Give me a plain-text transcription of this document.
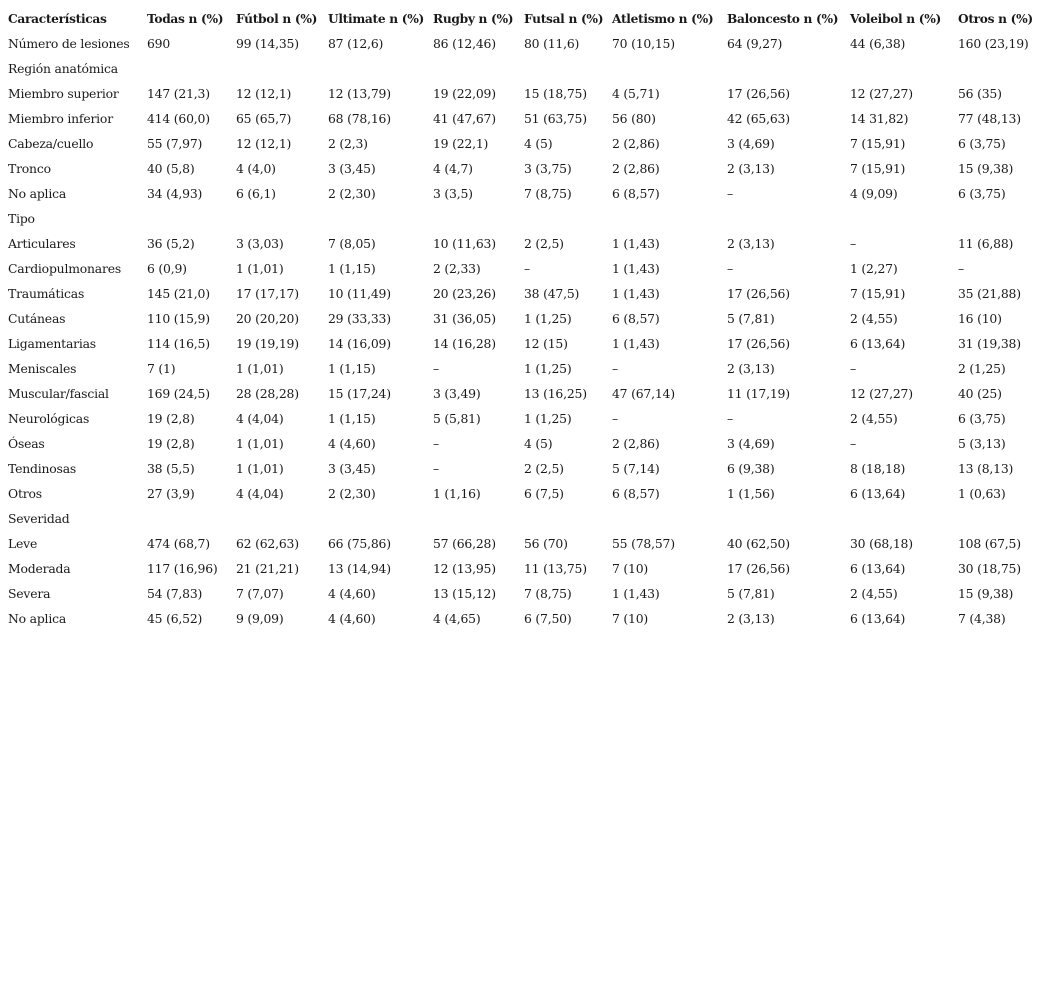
Características	Todas n (%)	Fútbol n (%)	Ultimate n (%)	Rugby n (%)	Futsal n (%)	Atletismo n (%)	Baloncesto n (%)	Voleibol n (%)	Otros n (%)
Número de lesiones	690	99 (14,35)	87 (12,6)	86 (12,46)	80 (11,6)	70 (10,15)	64 (9,27)	44 (6,38)	160 (23,19)
Región anatómica									
Miembro superior	147 (21,3)	12 (12,1)	12 (13,79)	19 (22,09)	15 (18,75)	4 (5,71)	17 (26,56)	12 (27,27)	56 (35)
Miembro inferior	414 (60,0)	65 (65,7)	68 (78,16)	41 (47,67)	51 (63,75)	56 (80)	42 (65,63)	14 31,82)	77 (48,13)
Cabeza/cuello	55 (7,97)	12 (12,1)	2 (2,3)	19 (22,1)	4 (5)	2 (2,86)	3 (4,69)	7 (15,91)	6 (3,75)
Tronco	40 (5,8)	4 (4,0)	3 (3,45)	4 (4,7)	3 (3,75)	2 (2,86)	2 (3,13)	7 (15,91)	15 (9,38)
No aplica	34 (4,93)	6 (6,1)	2 (2,30)	3 (3,5)	7 (8,75)	6 (8,57)	–	4 (9,09)	6 (3,75)
Tipo									
Articulares	36 (5,2)	3 (3,03)	7 (8,05)	10 (11,63)	2 (2,5)	1 (1,43)	2 (3,13)	–	11 (6,88)
Cardiopulmonares	6 (0,9)	1 (1,01)	1 (1,15)	2 (2,33)	–	1 (1,43)	–	1 (2,27)	–
Traumáticas	145 (21,0)	17 (17,17)	10 (11,49)	20 (23,26)	38 (47,5)	1 (1,43)	17 (26,56)	7 (15,91)	35 (21,88)
Cutáneas	110 (15,9)	20 (20,20)	29 (33,33)	31 (36,05)	1 (1,25)	6 (8,57)	5 (7,81)	2 (4,55)	16 (10)
Ligamentarias	114 (16,5)	19 (19,19)	14 (16,09)	14 (16,28)	12 (15)	1 (1,43)	17 (26,56)	6 (13,64)	31 (19,38)
Meniscales	7 (1)	1 (1,01)	1 (1,15)	–	1 (1,25)	–	2 (3,13)	–	2 (1,25)
Muscular/fascial	169 (24,5)	28 (28,28)	15 (17,24)	3 (3,49)	13 (16,25)	47 (67,14)	11 (17,19)	12 (27,27)	40 (25)
Neurológicas	19 (2,8)	4 (4,04)	1 (1,15)	5 (5,81)	1 (1,25)	–	–	2 (4,55)	6 (3,75)
Óseas	19 (2,8)	1 (1,01)	4 (4,60)	–	4 (5)	2 (2,86)	3 (4,69)	–	5 (3,13)
Tendinosas	38 (5,5)	1 (1,01)	3 (3,45)	–	2 (2,5)	5 (7,14)	6 (9,38)	8 (18,18)	13 (8,13)
Otros	27 (3,9)	4 (4,04)	2 (2,30)	1 (1,16)	6 (7,5)	6 (8,57)	1 (1,56)	6 (13,64)	1 (0,63)
Severidad									
Leve	474 (68,7)	62 (62,63)	66 (75,86)	57 (66,28)	56 (70)	55 (78,57)	40 (62,50)	30 (68,18)	108 (67,5)
Moderada	117 (16,96)	21 (21,21)	13 (14,94)	12 (13,95)	11 (13,75)	7 (10)	17 (26,56)	6 (13,64)	30 (18,75)
Severa	54 (7,83)	7 (7,07)	4 (4,60)	13 (15,12)	7 (8,75)	1 (1,43)	5 (7,81)	2 (4,55)	15 (9,38)
No aplica	45 (6,52)	9 (9,09)	4 (4,60)	4 (4,65)	6 (7,50)	7 (10)	2 (3,13)	6 (13,64)	7 (4,38)
